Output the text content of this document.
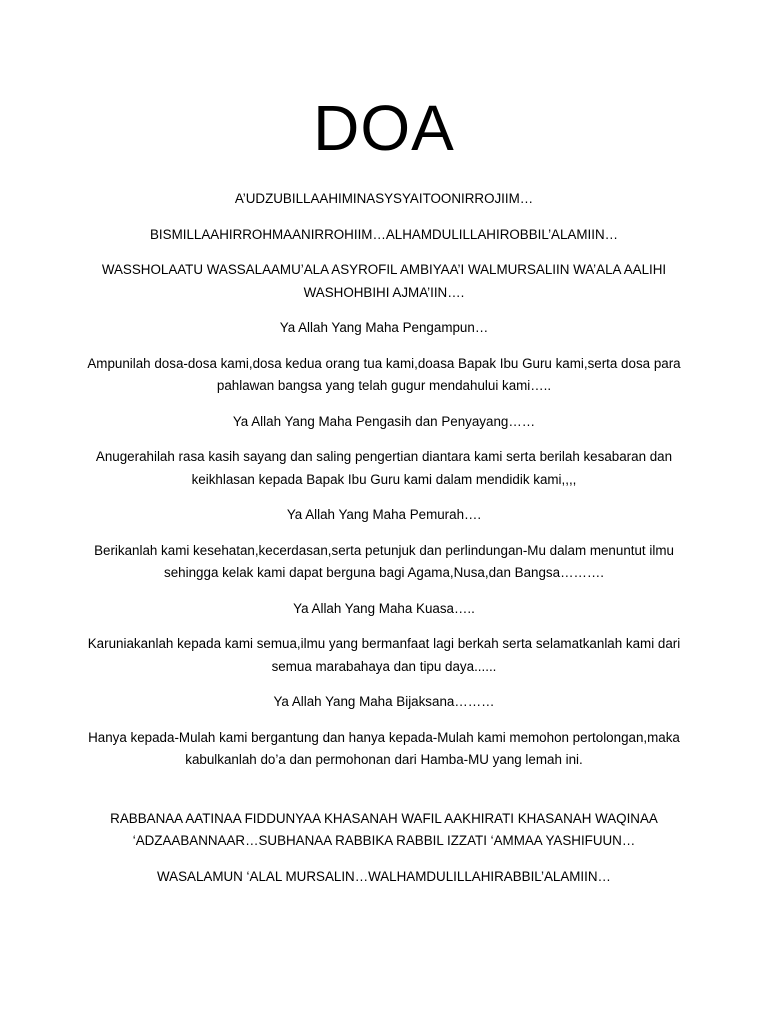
DOA

A’UDZUBILLAAHIMINASYSYAITOONIRROJIIM…

BISMILLAAHIRROHMAANIRROHIIM…ALHAMDULILLAHIROBBIL’ALAMIIN…

WASSHOLAATU WASSALAAMU’ALA ASYROFIL AMBIYAA’I WALMURSALIIN WA’ALA AALIHI WASHOHBIHI AJMA’IIN….

Ya Allah Yang Maha Pengampun…

Ampunilah dosa-dosa kami,dosa kedua orang tua kami,doasa Bapak Ibu Guru kami,serta dosa para pahlawan bangsa yang telah gugur mendahului kami…..

Ya Allah Yang Maha Pengasih dan Penyayang……

Anugerahilah rasa kasih sayang dan saling pengertian diantara kami serta berilah kesabaran dan keikhlasan kepada Bapak Ibu Guru kami dalam mendidik kami,,,,

Ya Allah Yang Maha Pemurah….

Berikanlah kami kesehatan,kecerdasan,serta petunjuk dan perlindungan-Mu dalam menuntut ilmu sehingga kelak kami dapat berguna bagi Agama,Nusa,dan Bangsa……….

Ya Allah Yang Maha Kuasa…..

Karuniakanlah kepada kami semua,ilmu yang bermanfaat lagi berkah serta selamatkanlah kami dari semua marabahaya dan tipu daya......

Ya Allah Yang Maha Bijaksana………

Hanya kepada-Mulah kami bergantung dan hanya kepada-Mulah kami memohon pertolongan,maka kabulkanlah do’a dan permohonan dari Hamba-MU yang lemah ini.

RABBANAA AATINAA FIDDUNYAA KHASANAH WAFIL AAKHIRATI KHASANAH WAQINAA ‘ADZAABANNAAR…SUBHANAA RABBIKA RABBIL IZZATI ‘AMMAA YASHIFUUN…

WASALAMUN ‘ALAL MURSALIN…WALHAMDULILLAHIRABBIL’ALAMIIN…
